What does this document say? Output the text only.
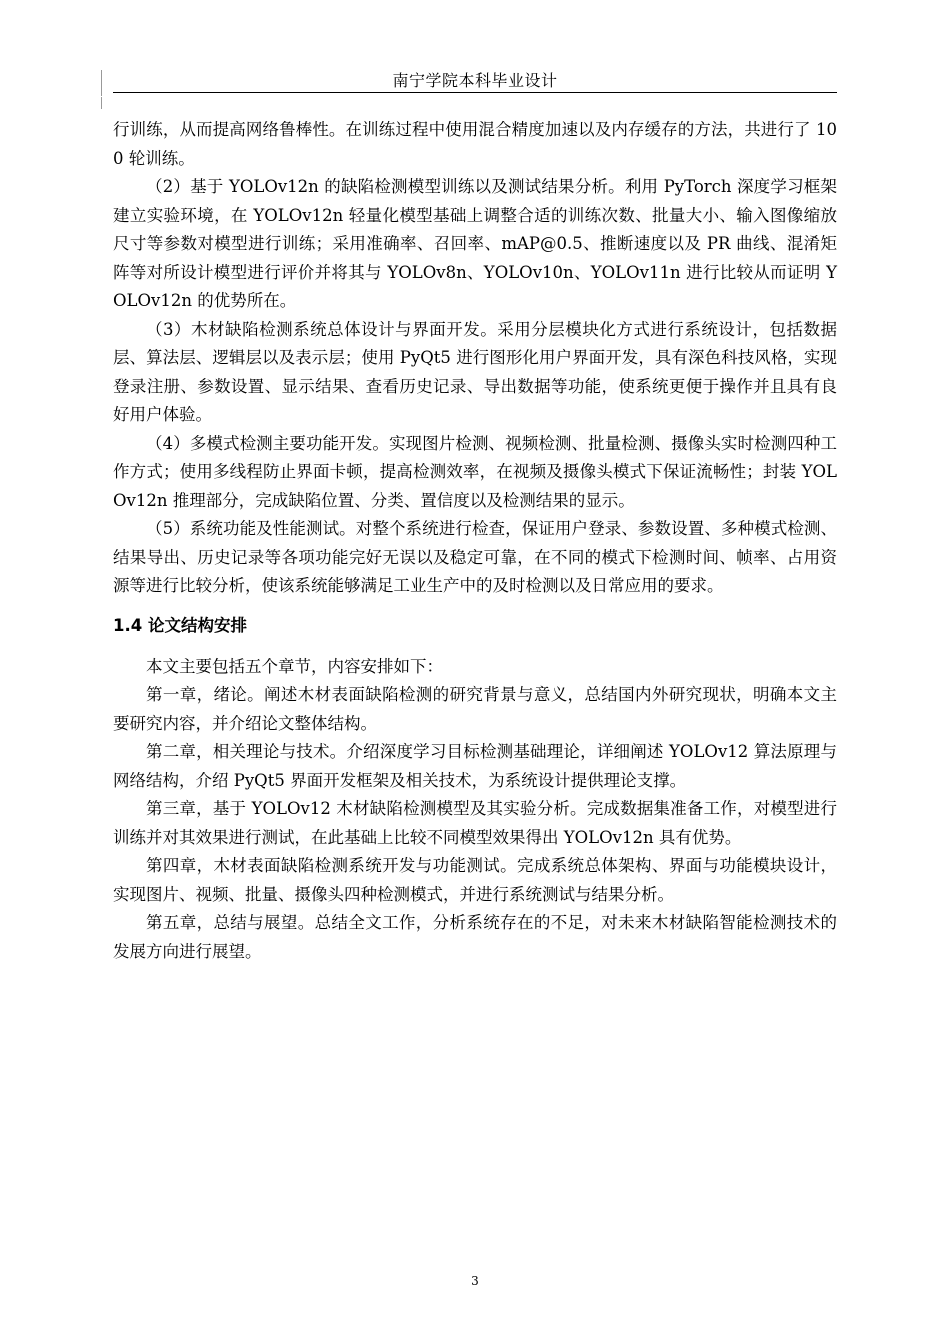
南宁学院本科毕业设计

行训练，从而提高网络鲁棒性。在训练过程中使用混合精度加速以及内存缓存的方法，共进行了 100 轮训练。

（2）基于 YOLOv12n 的缺陷检测模型训练以及测试结果分析。利用 PyTorch 深度学习框架建立实验环境，在 YOLOv12n 轻量化模型基础上调整合适的训练次数、批量大小、输入图像缩放尺寸等参数对模型进行训练；采用准确率、召回率、mAP@0.5、推断速度以及 PR 曲线、混淆矩阵等对所设计模型进行评价并将其与 YOLOv8n、YOLOv10n、YOLOv11n 进行比较从而证明 YOLOv12n 的优势所在。

（3）木材缺陷检测系统总体设计与界面开发。采用分层模块化方式进行系统设计，包括数据层、算法层、逻辑层以及表示层；使用 PyQt5 进行图形化用户界面开发，具有深色科技风格，实现登录注册、参数设置、显示结果、查看历史记录、导出数据等功能，使系统更便于操作并且具有良好用户体验。

（4）多模式检测主要功能开发。实现图片检测、视频检测、批量检测、摄像头实时检测四种工作方式；使用多线程防止界面卡顿，提高检测效率，在视频及摄像头模式下保证流畅性；封装 YOLOv12n 推理部分，完成缺陷位置、分类、置信度以及检测结果的显示。

（5）系统功能及性能测试。对整个系统进行检查，保证用户登录、参数设置、多种模式检测、结果导出、历史记录等各项功能完好无误以及稳定可靠，在不同的模式下检测时间、帧率、占用资源等进行比较分析，使该系统能够满足工业生产中的及时检测以及日常应用的要求。

1.4 论文结构安排

本文主要包括五个章节，内容安排如下：

第一章，绪论。阐述木材表面缺陷检测的研究背景与意义，总结国内外研究现状，明确本文主要研究内容，并介绍论文整体结构。

第二章，相关理论与技术。介绍深度学习目标检测基础理论，详细阐述 YOLOv12 算法原理与网络结构，介绍 PyQt5 界面开发框架及相关技术，为系统设计提供理论支撑。

第三章，基于 YOLOv12 木材缺陷检测模型及其实验分析。完成数据集准备工作，对模型进行训练并对其效果进行测试，在此基础上比较不同模型效果得出 YOLOv12n 具有优势。

第四章，木材表面缺陷检测系统开发与功能测试。完成系统总体架构、界面与功能模块设计，实现图片、视频、批量、摄像头四种检测模式，并进行系统测试与结果分析。

第五章，总结与展望。总结全文工作，分析系统存在的不足，对未来木材缺陷智能检测技术的发展方向进行展望。

3
